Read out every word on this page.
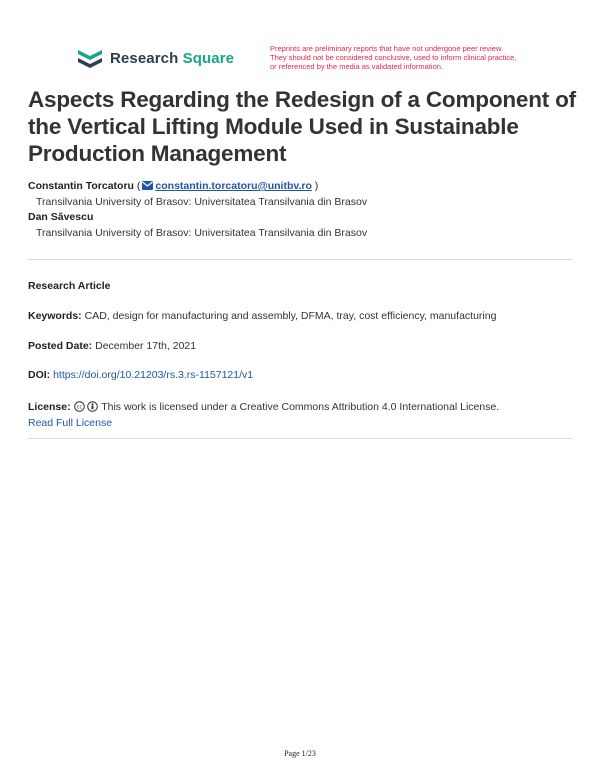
Research Square
Preprints are preliminary reports that have not undergone peer review.
They should not be considered conclusive, used to inform clinical practice,
or referenced by the media as validated information.
Aspects Regarding the Redesign of a Component of the Vertical Lifting Module Used in Sustainable Production Management
Constantin Torcatoru ( constantin.torcatoru@unitbv.ro )
Transilvania University of Brasov: Universitatea Transilvania din Brasov
Dan Săvescu
Transilvania University of Brasov: Universitatea Transilvania din Brasov
Research Article
Keywords: CAD, design for manufacturing and assembly, DFMA, tray, cost efficiency, manufacturing
Posted Date: December 17th, 2021
DOI: https://doi.org/10.21203/rs.3.rs-1157121/v1
License: cc This work is licensed under a Creative Commons Attribution 4.0 International License.
Read Full License
Page 1/23
